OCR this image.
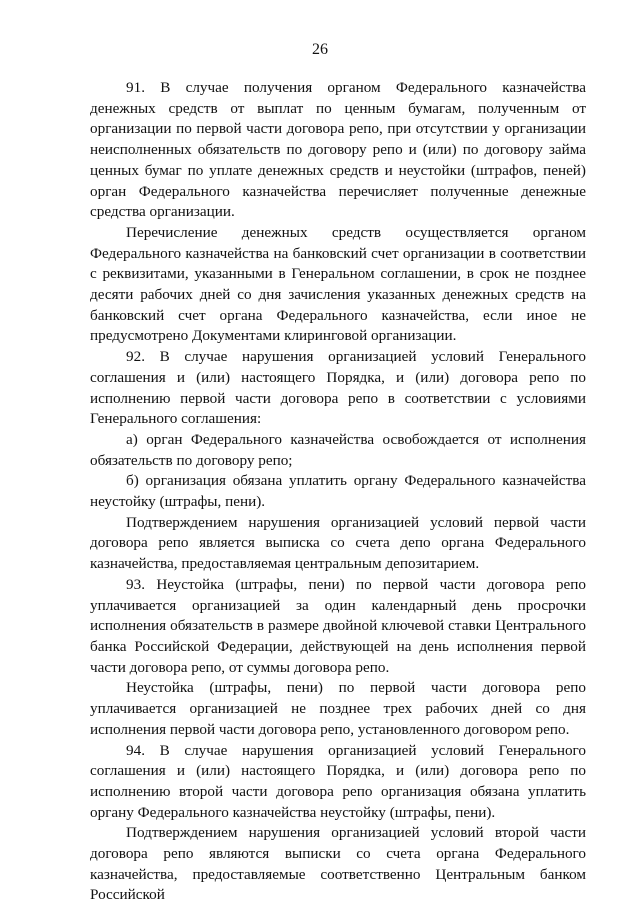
26

91. В случае получения органом Федерального казначейства денежных средств от выплат по ценным бумагам, полученным от организации по первой части договора репо, при отсутствии у организации неисполненных обязательств по договору репо и (или) по договору займа ценных бумаг по уплате денежных средств и неустойки (штрафов, пеней) орган Федерального казначейства перечисляет полученные денежные средства организации.

Перечисление денежных средств осуществляется органом Федерального казначейства на банковский счет организации в соответствии с реквизитами, указанными в Генеральном соглашении, в срок не позднее десяти рабочих дней со дня зачисления указанных денежных средств на банковский счет органа Федерального казначейства, если иное не предусмотрено Документами клиринговой организации.

92. В случае нарушения организацией условий Генерального соглашения и (или) настоящего Порядка, и (или) договора репо по исполнению первой части договора репо в соответствии с условиями Генерального соглашения:

а) орган Федерального казначейства освобождается от исполнения обязательств по договору репо;

б) организация обязана уплатить органу Федерального казначейства неустойку (штрафы, пени).

Подтверждением нарушения организацией условий первой части договора репо является выписка со счета депо органа Федерального казначейства, предоставляемая центральным депозитарием.

93. Неустойка (штрафы, пени) по первой части договора репо уплачивается организацией за один календарный день просрочки исполнения обязательств в размере двойной ключевой ставки Центрального банка Российской Федерации, действующей на день исполнения первой части договора репо, от суммы договора репо.

Неустойка (штрафы, пени) по первой части договора репо уплачивается организацией не позднее трех рабочих дней со дня исполнения первой части договора репо, установленного договором репо.

94. В случае нарушения организацией условий Генерального соглашения и (или) настоящего Порядка, и (или) договора репо по исполнению второй части договора репо организация обязана уплатить органу Федерального казначейства неустойку (штрафы, пени).

Подтверждением нарушения организацией условий второй части договора репо являются выписки со счета органа Федерального казначейства, предоставляемые соответственно Центральным банком Российской
